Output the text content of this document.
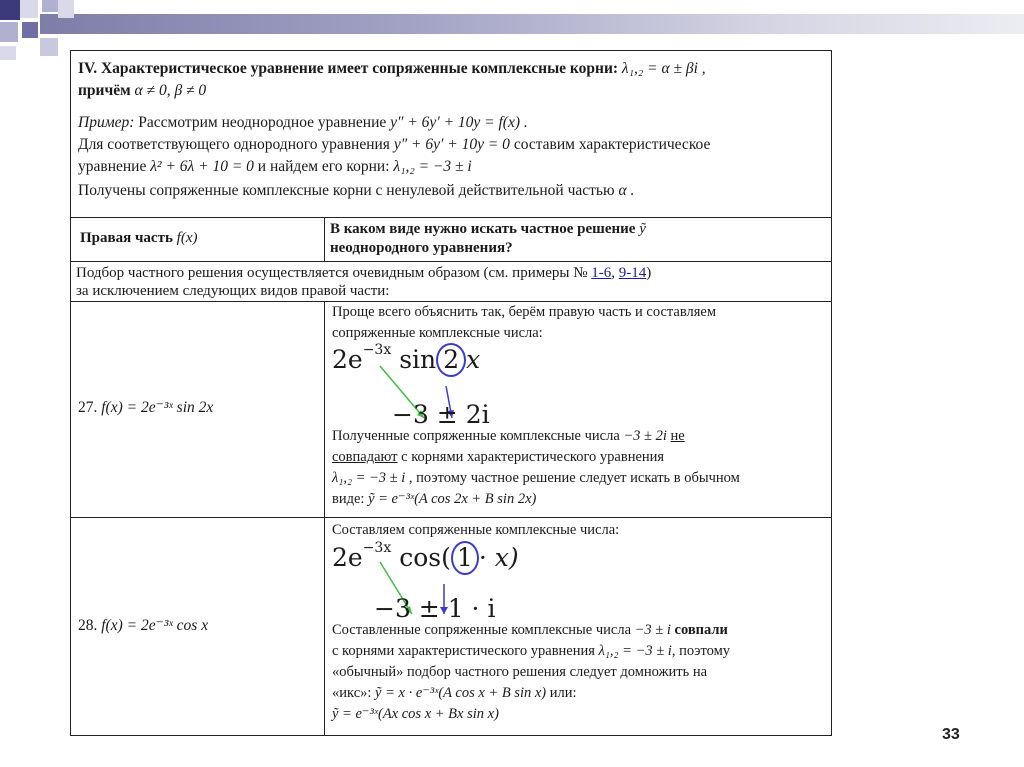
IV. Характеристическое уравнение имеет сопряженные комплексные корни: λ₁,₂ = α ± βi ,
причём α ≠ 0, β ≠ 0
Пример: Рассмотрим неоднородное уравнение y″ + 6y′ + 10y = f(x) .
Для соответствующего однородного уравнения y″ + 6y′ + 10y = 0 составим характеристическое
уравнение λ² + 6λ + 10 = 0 и найдем его корни: λ₁,₂ = −3 ± i
Получены сопряженные комплексные корни с ненулевой действительной частью α .
Правая часть f(x)
В каком виде нужно искать частное решение ỹ
неоднородного уравнения?
Подбор частного решения осуществляется очевидным образом (см. примеры № 1-6, 9-14)
за исключением следующих видов правой части:
27. f(x) = 2e⁻³ˣ sin 2x
Проще всего объяснить так, берём правую часть и составляем
сопряженные комплексные числа:
$2e^{-3x}$ sin 2 x
−3 ± 2i
Полученные сопряженные комплексные числа −3 ± 2i не
совпадают с корнями характеристического уравнения
λ₁,₂ = −3 ± i , поэтому частное решение следует искать в обычном
виде: ỹ = e⁻³ˣ(A cos 2x + B sin 2x)
28. f(x) = 2e⁻³ˣ cos x
Составляем сопряженные комплексные числа:
$2e^{-3x}$ cos( 1 · x)
−3 ± 1 · i
Составленные сопряженные комплексные числа −3 ± i совпали
с корнями характеристического уравнения λ₁,₂ = −3 ± i, поэтому
«обычный» подбор частного решения следует домножить на
«икс»: ỹ = x · e⁻³ˣ(A cos x + B sin x) или:
ỹ = e⁻³ˣ(Ax cos x + Bx sin x)
33
